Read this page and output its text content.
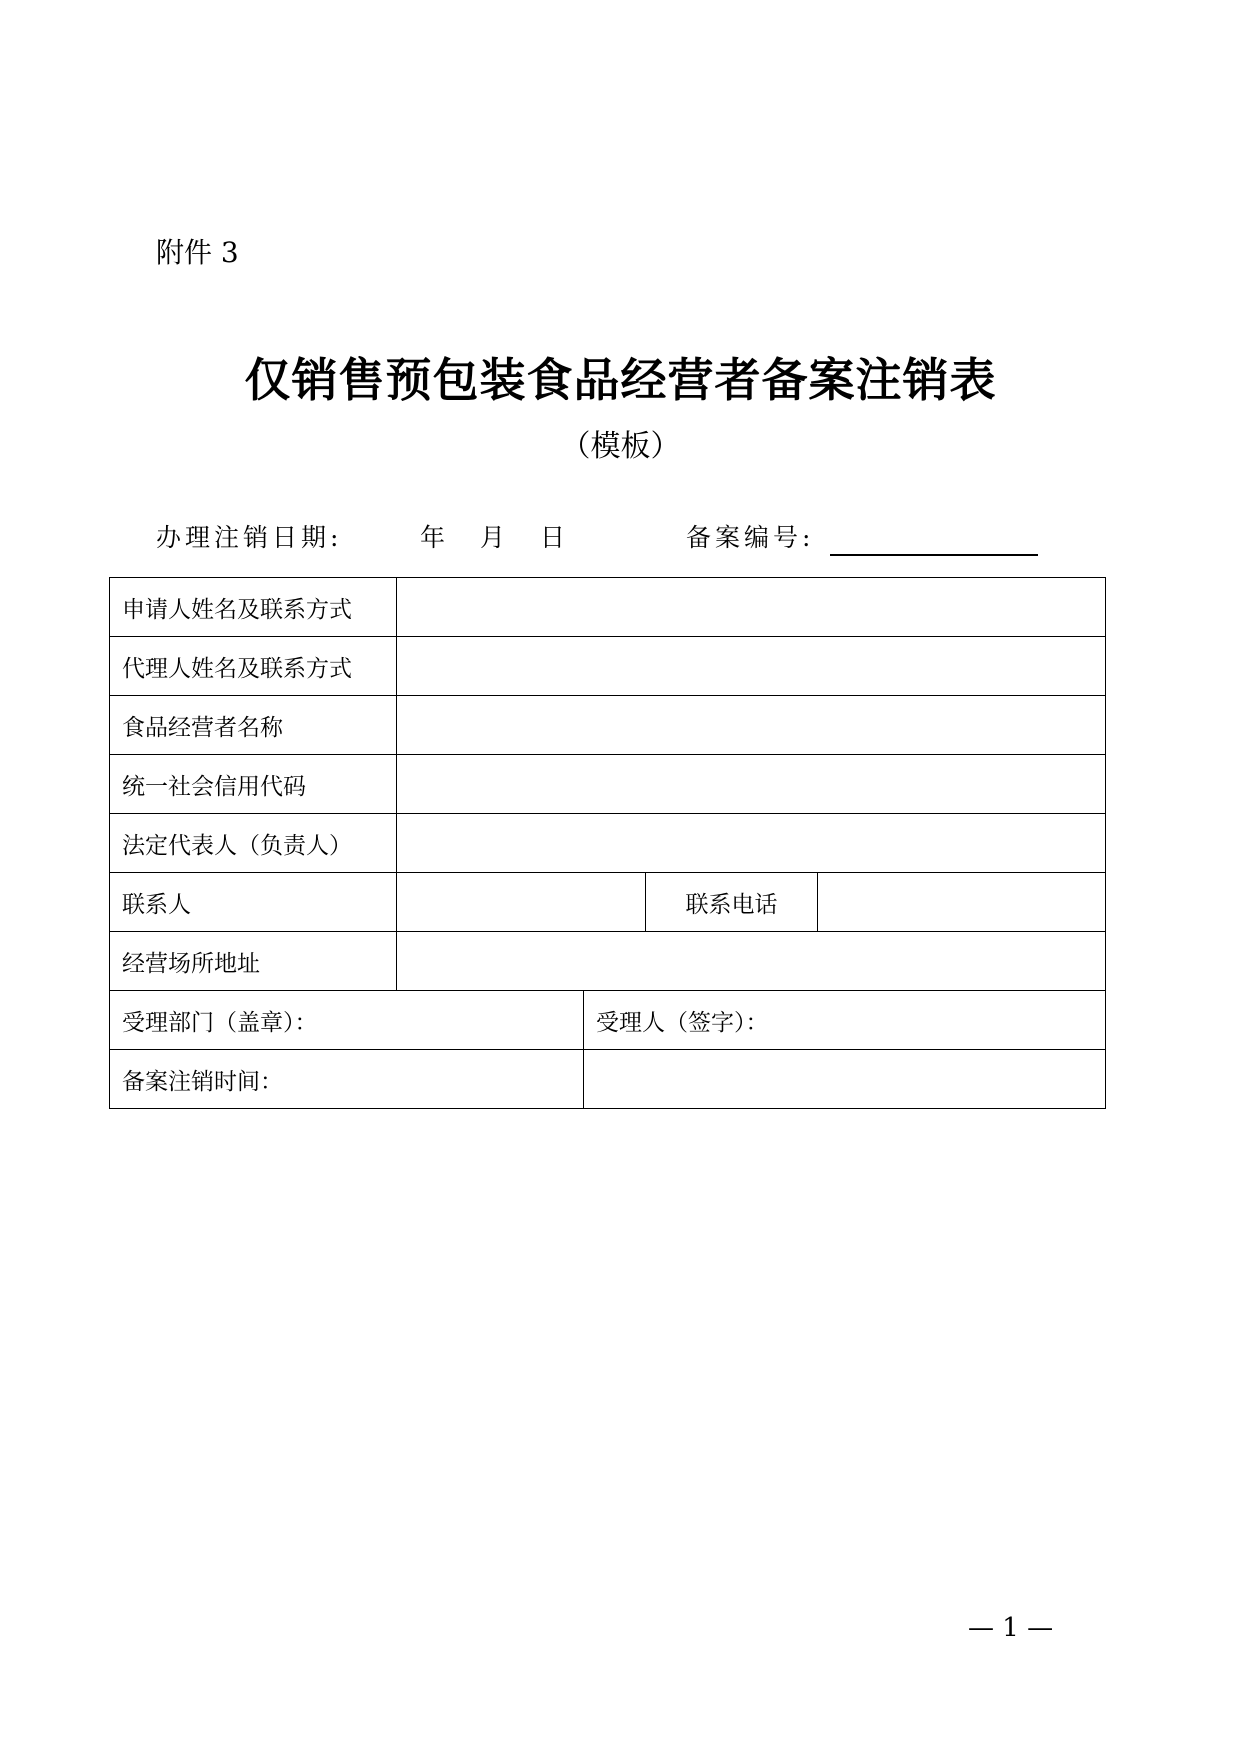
附件 3
仅销售预包装食品经营者备案注销表
（模板）
办理注销日期:	年 月 日	备案编号:
申请人姓名及联系方式				
代理人姓名及联系方式				
食品经营者名称				
统一社会信用代码				
法定代表人（负责人）				
联系人			联系电话	
经营场所地址				
受理部门（盖章）：		受理人（签字）：		
备案注销时间：				
— 1 —
